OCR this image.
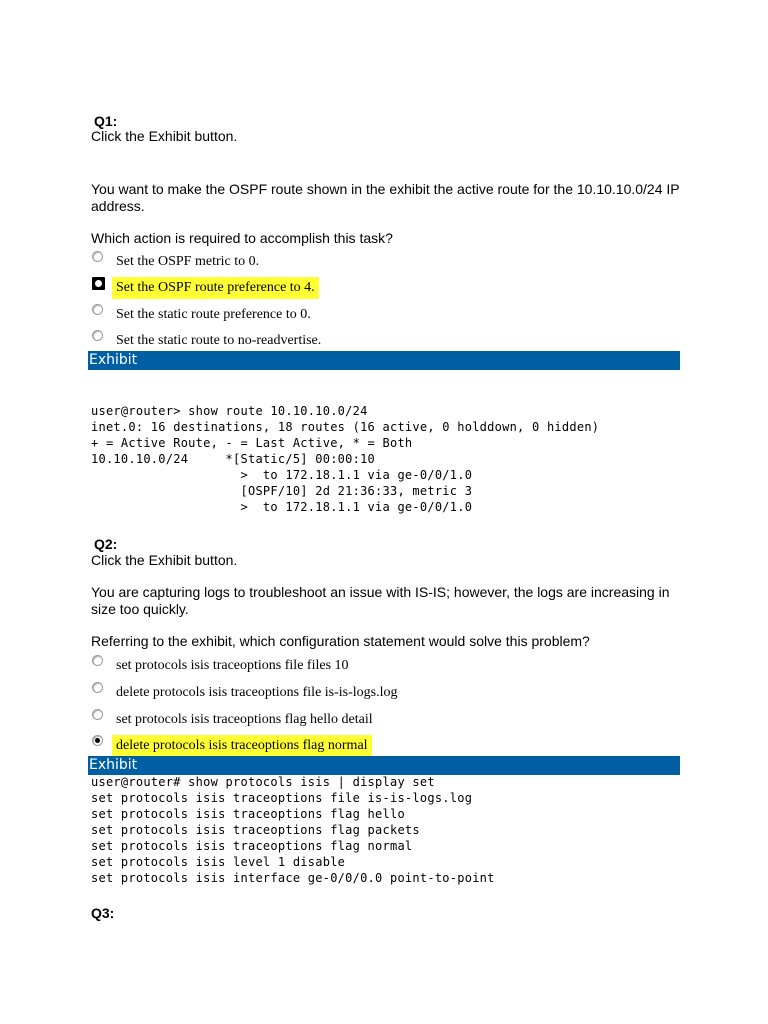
Q1:
Click the Exhibit button.
You want to make the OSPF route shown in the exhibit the active route for the 10.10.10.0/24 IP address.
Which action is required to accomplish this task?
Set the OSPF metric to 0.
Set the OSPF route preference to 4.
Set the static route preference to 0.
Set the static route to no-readvertise.
Exhibit
user@router> show route 10.10.10.0/24
inet.0: 16 destinations, 18 routes (16 active, 0 holddown, 0 hidden)
+ = Active Route, - = Last Active, * = Both
10.10.10.0/24     *[Static/5] 00:00:10
>  to 172.18.1.1 via ge-0/0/1.0
[OSPF/10] 2d 21:36:33, metric 3
>  to 172.18.1.1 via ge-0/0/1.0
Q2:
Click the Exhibit button.
You are capturing logs to troubleshoot an issue with IS-IS; however, the logs are increasing in size too quickly.
Referring to the exhibit, which configuration statement would solve this problem?
set protocols isis traceoptions file files 10
delete protocols isis traceoptions file is-is-logs.log
set protocols isis traceoptions flag hello detail
delete protocols isis traceoptions flag normal
Exhibit
user@router# show protocols isis | display set
set protocols isis traceoptions file is-is-logs.log
set protocols isis traceoptions flag hello
set protocols isis traceoptions flag packets
set protocols isis traceoptions flag normal
set protocols isis level 1 disable
set protocols isis interface ge-0/0/0.0 point-to-point
Q3:
